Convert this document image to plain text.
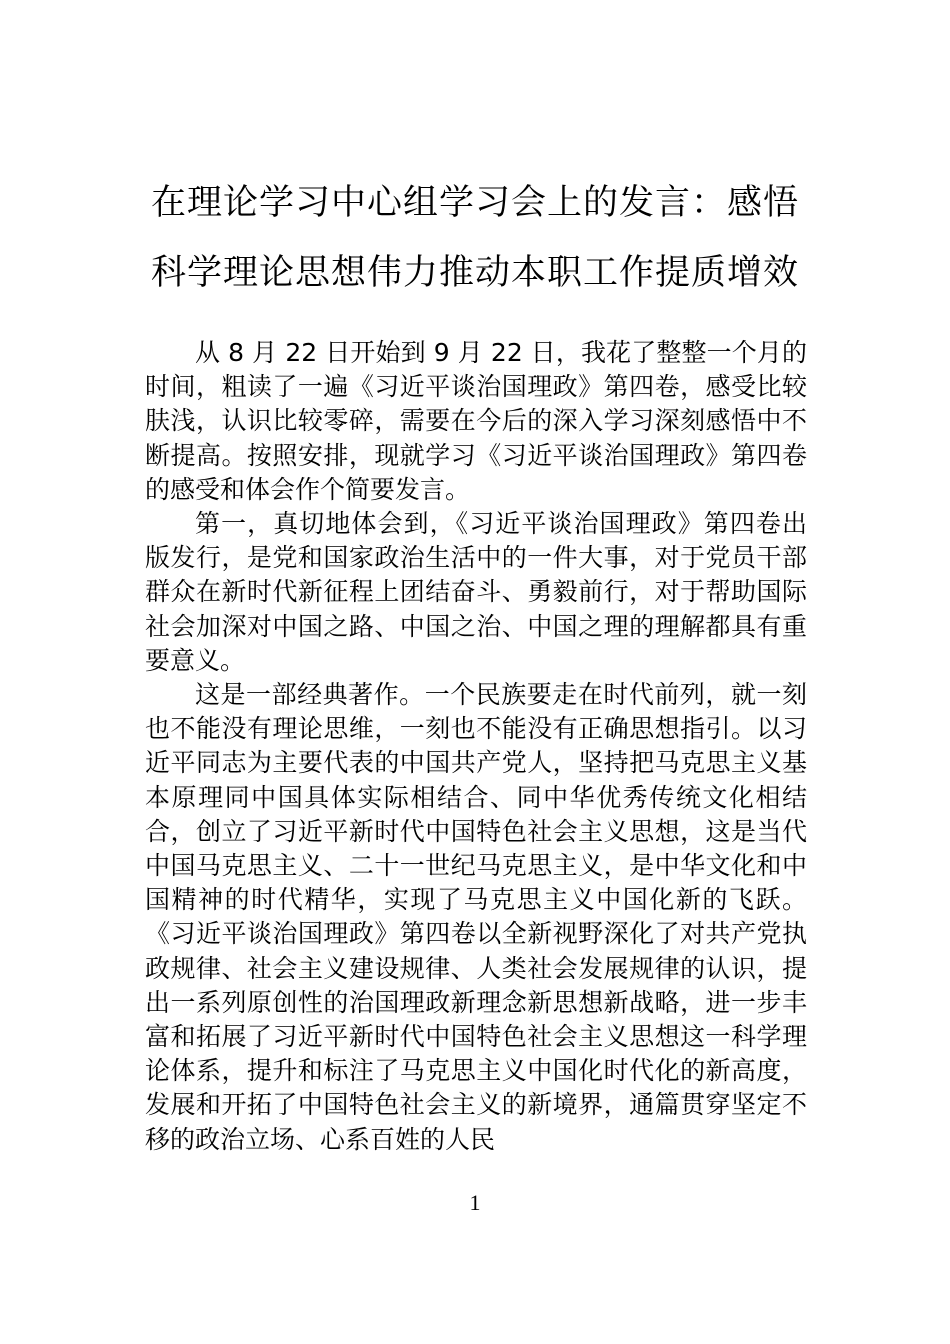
在理论学习中心组学习会上的发言：感悟
科学理论思想伟力推动本职工作提质增效

从 8 月 22 日开始到 9 月 22 日，我花了整整一个月的时间，粗读了一遍《习近平谈治国理政》第四卷，感受比较肤浅，认识比较零碎，需要在今后的深入学习深刻感悟中不断提高。按照安排，现就学习《习近平谈治国理政》第四卷的感受和体会作个简要发言。

第一，真切地体会到，《习近平谈治国理政》第四卷出版发行，是党和国家政治生活中的一件大事，对于党员干部群众在新时代新征程上团结奋斗、勇毅前行，对于帮助国际社会加深对中国之路、中国之治、中国之理的理解都具有重要意义。

这是一部经典著作。一个民族要走在时代前列，就一刻也不能没有理论思维，一刻也不能没有正确思想指引。以习近平同志为主要代表的中国共产党人，坚持把马克思主义基本原理同中国具体实际相结合、同中华优秀传统文化相结合，创立了习近平新时代中国特色社会主义思想，这是当代中国马克思主义、二十一世纪马克思主义，是中华文化和中国精神的时代精华，实现了马克思主义中国化新的飞跃。《习近平谈治国理政》第四卷以全新视野深化了对共产党执政规律、社会主义建设规律、人类社会发展规律的认识，提出一系列原创性的治国理政新理念新思想新战略，进一步丰富和拓展了习近平新时代中国特色社会主义思想这一科学理论体系，提升和标注了马克思主义中国化时代化的新高度，发展和开拓了中国特色社会主义的新境界，通篇贯穿坚定不移的政治立场、心系百姓的人民

1
